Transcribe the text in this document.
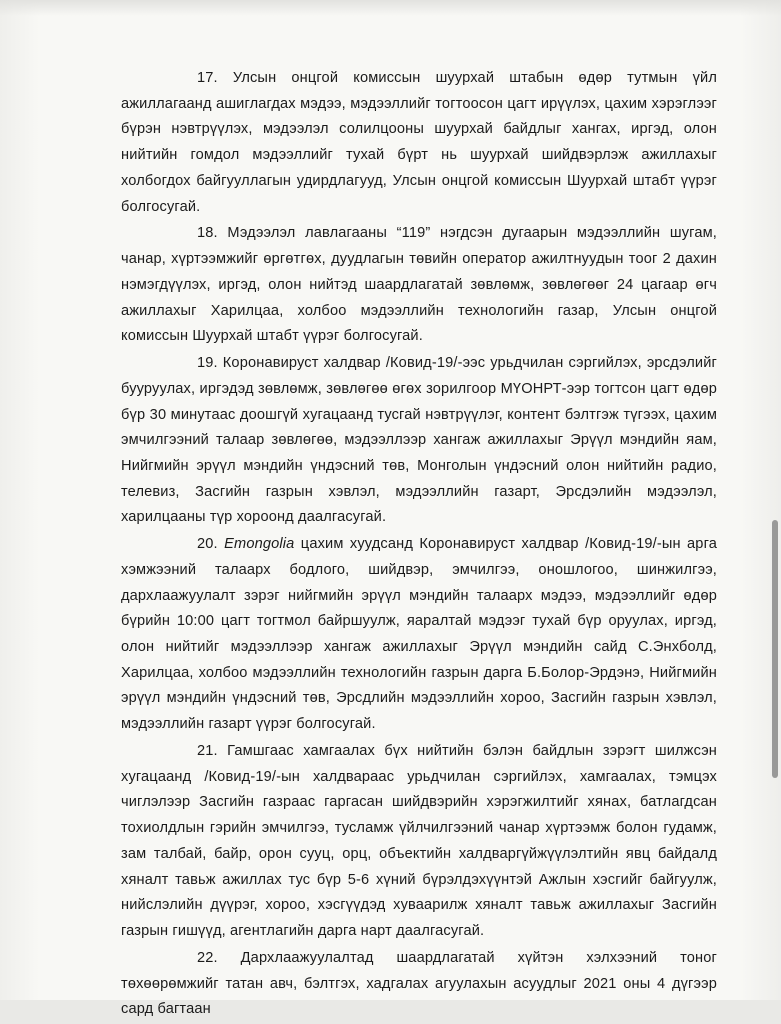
17. Улсын онцгой комиссын шуурхай штабын өдөр тутмын үйл ажиллагаанд ашиглагдах мэдээ, мэдээллийг тогтоосон цагт ирүүлэх, цахим хэрэглээг бүрэн нэвтрүүлэх, мэдээлэл солилцооны шуурхай байдлыг хангах, иргэд, олон нийтийн гомдол мэдээллийг тухай бүрт нь шуурхай шийдвэрлэж ажиллахыг холбогдох байгууллагын удирдлагууд, Улсын онцгой комиссын Шуурхай штабт үүрэг болгосугай.

18. Мэдээлэл лавлагааны “119” нэгдсэн дугаарын мэдээллийн шугам, чанар, хүртээмжийг өргөтгөх, дуудлагын төвийн оператор ажилтнуудын тоог 2 дахин нэмэгдүүлэх, иргэд, олон нийтэд шаардлагатай зөвлөмж, зөвлөгөөг 24 цагаар өгч ажиллахыг Харилцаа, холбоо мэдээллийн технологийн газар, Улсын онцгой комиссын Шуурхай штабт үүрэг болгосугай.

19. Коронавируст халдвар /Ковид-19/-ээс урьдчилан сэргийлэх, эрсдэлийг бууруулах, иргэдэд зөвлөмж, зөвлөгөө өгөх зорилгоор МҮОНРТ-ээр тогтсон цагт өдөр бүр 30 минутаас доошгүй хугацаанд тусгай нэвтрүүлэг, контент бэлтгэж түгээх, цахим эмчилгээний талаар зөвлөгөө, мэдээллээр хангаж ажиллахыг Эрүүл мэндийн яам, Нийгмийн эрүүл мэндийн үндэсний төв, Монголын үндэсний олон нийтийн радио, телевиз, Засгийн газрын хэвлэл, мэдээллийн газарт, Эрсдэлийн мэдээлэл, харилцааны түр хороонд даалгасугай.

20. Emongolia цахим хуудсанд Коронавируст халдвар /Ковид-19/-ын арга хэмжээний талаарх бодлого, шийдвэр, эмчилгээ, оношлогоо, шинжилгээ, дархлаажуулалт зэрэг нийгмийн эрүүл мэндийн талаарх мэдээ, мэдээллийг өдөр бүрийн 10:00 цагт тогтмол байршуулж, яаралтай мэдээг тухай бүр оруулах, иргэд, олон нийтийг мэдээллээр хангаж ажиллахыг Эрүүл мэндийн сайд С.Энхболд, Харилцаа, холбоо мэдээллийн технологийн газрын дарга Б.Болор-Эрдэнэ, Нийгмийн эрүүл мэндийн үндэсний төв, Эрсдлийн мэдээллийн хороо, Засгийн газрын хэвлэл, мэдээллийн газарт үүрэг болгосугай.

21. Гамшгаас хамгаалах бүх нийтийн бэлэн байдлын зэрэгт шилжсэн хугацаанд /Ковид-19/-ын халдвараас урьдчилан сэргийлэх, хамгаалах, тэмцэх чиглэлээр Засгийн газраас гаргасан шийдвэрийн хэрэгжилтийг хянах, батлагдсан тохиолдлын гэрийн эмчилгээ, тусламж үйлчилгээний чанар хүртээмж болон гудамж, зам талбай, байр, орон сууц, орц, объектийн халдваргүйжүүлэлтийн явц байдалд хяналт тавьж ажиллах тус бүр 5-6 хүний бүрэлдэхүүнтэй Ажлын хэсгийг байгуулж, нийслэлийн дүүрэг, хороо, хэсгүүдэд хуваарилж хяналт тавьж ажиллахыг Засгийн газрын гишүүд, агентлагийн дарга нарт даалгасугай.

22. Дархлаажуулалтад шаардлагатай хүйтэн хэлхээний тоног төхөөрөмжийг татан авч, бэлтгэх, хадгалах агуулахын асуудлыг 2021 оны 4 дүгээр сард багтаан
